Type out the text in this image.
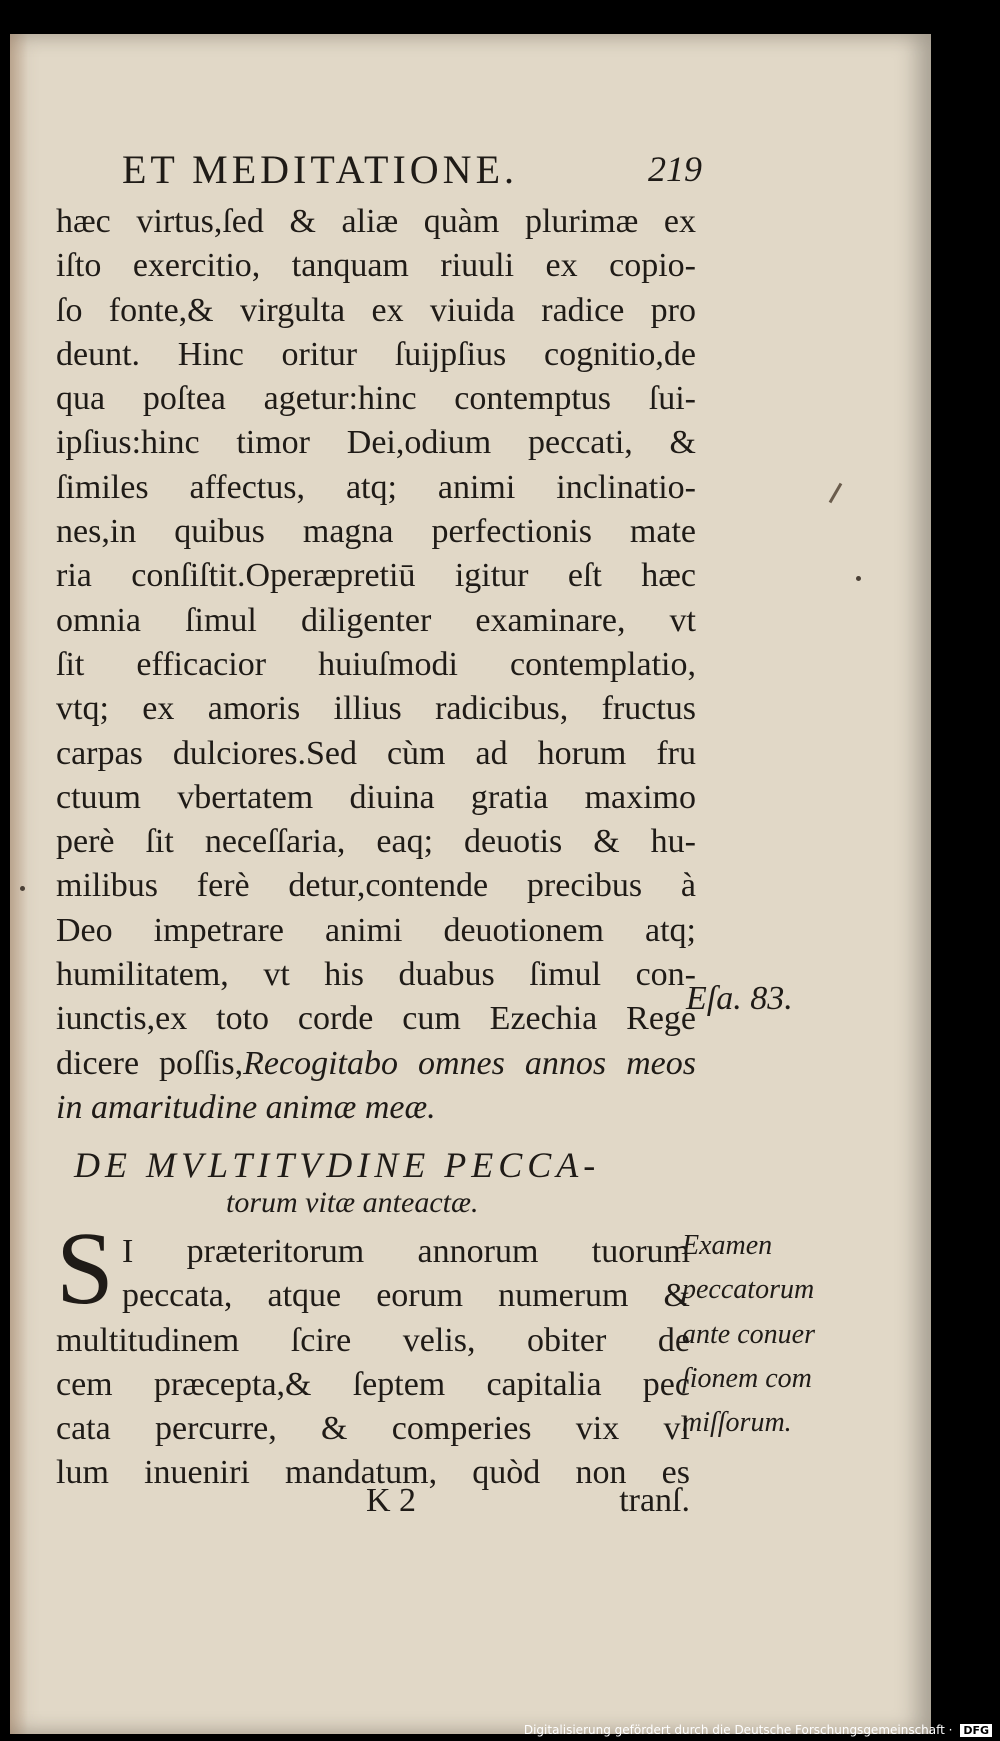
ET MEDITATIONE.	219
hæc virtus,ſed & aliæ quàm plurimæ ex
iſto exercitio, tanquam riuuli ex copio-
ſo fonte,& virgulta ex viuida radice pro
deunt. Hinc oritur ſuijpſius cognitio,de
qua poſtea agetur:hinc contemptus ſui-
ipſius:hinc timor Dei,odium peccati, &
ſimiles affectus, atq; animi inclinatio-
nes,in quibus magna perfectionis mate
ria conſiſtit.Operæpretiū igitur eſt hæc
omnia ſimul diligenter examinare, vt
ſit efficacior huiuſmodi contemplatio,
vtq; ex amoris illius radicibus, fructus
carpas dulciores.Sed cùm ad horum fru
ctuum vbertatem diuina gratia maximo
perè ſit neceſſaria, eaq; deuotis & hu-
milibus ferè detur,contende precibus à
Deo impetrare animi deuotionem atq;
humilitatem, vt his duabus ſimul con-
iunctis,ex toto corde cum Ezechia Rege
dicere poſſis,Recogitabo omnes annos meos
in amaritudine animæ meæ.
Eſa. 83.
DE MVLTITVDINE PECCA-
torum vitæ anteactæ.
S I præteritorum annorum tuorum
peccata, atque eorum numerum &
multitudinem ſcire velis, obiter de
cem præcepta,& ſeptem capitalia pec
cata percurre, & comperies vix vl
lum inueniri mandatum, quòd non es
Examen
peccatorum
ante conuer
ſionem com
miſſorum.
K 2	tranſ.
Digitalisierung gefördert durch die Deutsche Forschungsgemeinschaft · DFG
